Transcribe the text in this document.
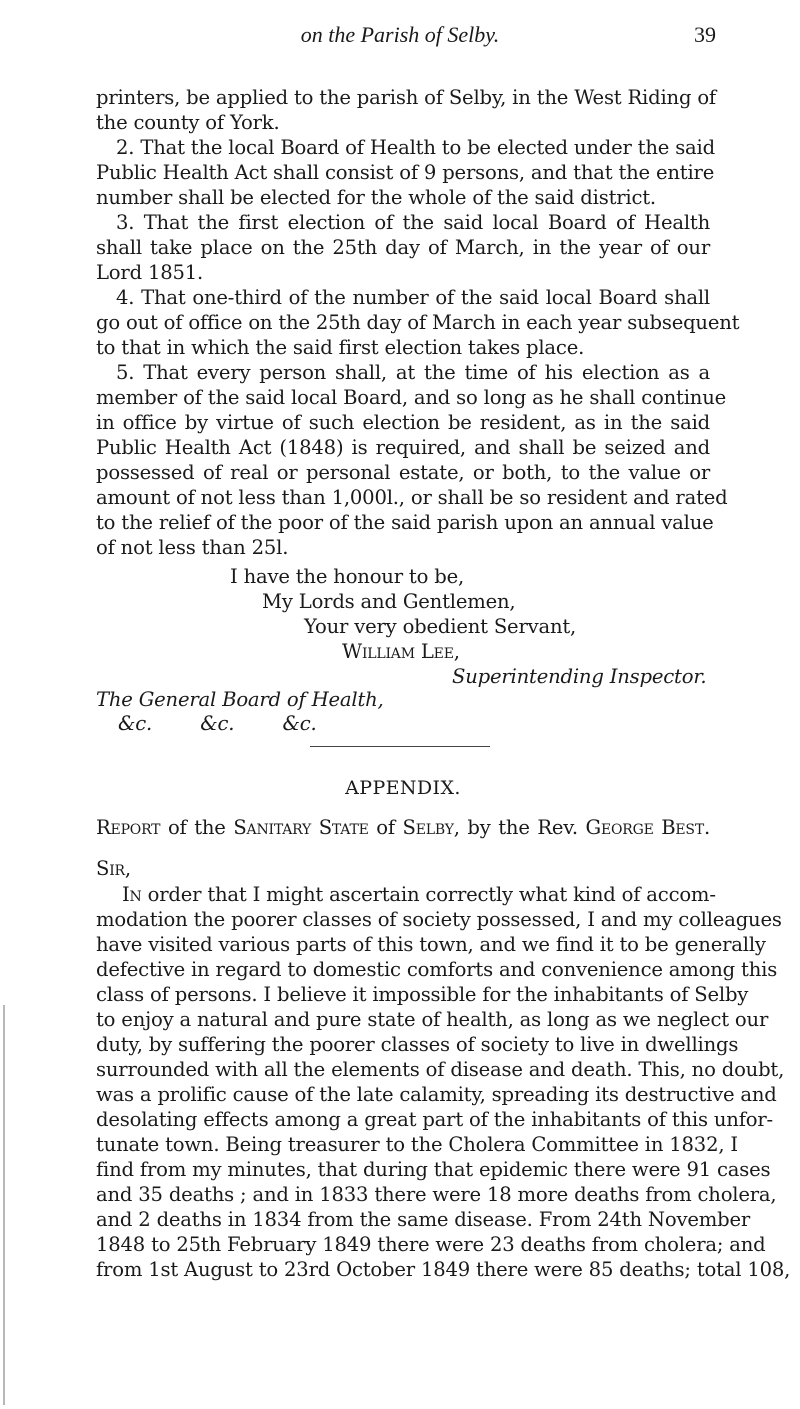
on the Parish of Selby.	39
printers, be applied to the parish of Selby, in the West Riding of
the county of York.
2. That the local Board of Health to be elected under the said
Public Health Act shall consist of 9 persons, and that the entire
number shall be elected for the whole of the said district.
3. That the first election of the said local Board of Health
shall take place on the 25th day of March, in the year of our
Lord 1851.
4. That one-third of the number of the said local Board shall
go out of office on the 25th day of March in each year subsequent
to that in which the said first election takes place.
5. That every person shall, at the time of his election as a
member of the said local Board, and so long as he shall continue
in office by virtue of such election be resident, as in the said
Public Health Act (1848) is required, and shall be seized and
possessed of real or personal estate, or both, to the value or
amount of not less than 1,000l., or shall be so resident and rated
to the relief of the poor of the said parish upon an annual value
of not less than 25l.
I have the honour to be,
My Lords and Gentlemen,
Your very obedient Servant,
William Lee,
Superintending Inspector.
The General Board of Health,
&c.        &c.        &c.
APPENDIX.
Report of the Sanitary State of Selby, by the Rev. George Best.
Sir,
In order that I might ascertain correctly what kind of accom-
modation the poorer classes of society possessed, I and my colleagues
have visited various parts of this town, and we find it to be generally
defective in regard to domestic comforts and convenience among this
class of persons. I believe it impossible for the inhabitants of Selby
to enjoy a natural and pure state of health, as long as we neglect our
duty, by suffering the poorer classes of society to live in dwellings
surrounded with all the elements of disease and death. This, no doubt,
was a prolific cause of the late calamity, spreading its destructive and
desolating effects among a great part of the inhabitants of this unfor-
tunate town. Being treasurer to the Cholera Committee in 1832, I
find from my minutes, that during that epidemic there were 91 cases
and 35 deaths ; and in 1833 there were 18 more deaths from cholera,
and 2 deaths in 1834 from the same disease. From 24th November
1848 to 25th February 1849 there were 23 deaths from cholera; and
from 1st August to 23rd October 1849 there were 85 deaths; total 108,
